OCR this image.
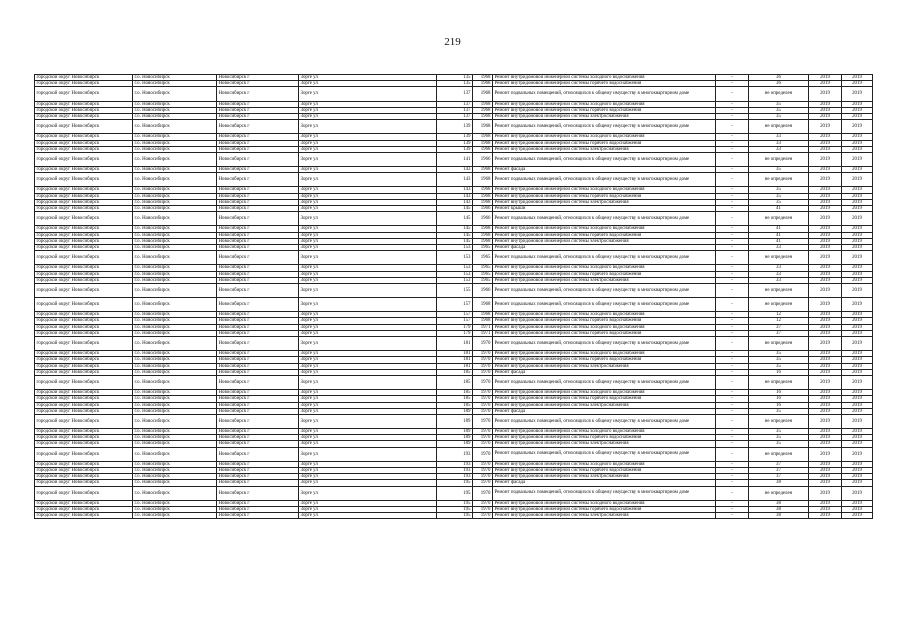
219
городской округ Новосибирск	г.о. Новосибирск	Новосибирск г	Зорге ул	135	1968	Ремонт внутридомовой инженерной системы холодного водоснабжения	-	36	2019	2019
городской округ Новосибирск	г.о. Новосибирск	Новосибирск г	Зорге ул	135	1968	Ремонт внутридомовой инженерной системы горячего водоснабжения	-	36	2019	2019
городской округ Новосибирск	г.о. Новосибирск	Новосибирск г	Зорге ул	137	1968	Ремонт подвальных помещений, относящихся к общему имуществу в многоквартирном доме	-	не определен	2019	2019
городской округ Новосибирск	г.о. Новосибирск	Новосибирск г	Зорге ул	137	1968	Ремонт внутридомовой инженерной системы холодного водоснабжения	-	35	2019	2019
городской округ Новосибирск	г.о. Новосибирск	Новосибирск г	Зорге ул	137	1968	Ремонт внутридомовой инженерной системы горячего водоснабжения	-	35	2019	2019
городской округ Новосибирск	г.о. Новосибирск	Новосибирск г	Зорге ул	137	1968	Ремонт внутридомовой инженерной системы электроснабжения	-	35	2019	2019
городской округ Новосибирск	г.о. Новосибирск	Новосибирск г	Зорге ул	139	1968	Ремонт подвальных помещений, относящихся к общему имуществу в многоквартирном доме	-	не определен	2019	2019
городской округ Новосибирск	г.о. Новосибирск	Новосибирск г	Зорге ул	139	1968	Ремонт внутридомовой инженерной системы холодного водоснабжения	-	33	2019	2019
городской округ Новосибирск	г.о. Новосибирск	Новосибирск г	Зорге ул	139	1968	Ремонт внутридомовой инженерной системы горячего водоснабжения	-	33	2019	2019
городской округ Новосибирск	г.о. Новосибирск	Новосибирск г	Зорге ул	139	1968	Ремонт внутридомовой инженерной системы электроснабжения	-	33	2019	2019
городской округ Новосибирск	г.о. Новосибирск	Новосибирск г	Зорге ул	141	1966	Ремонт подвальных помещений, относящихся к общему имуществу в многоквартирном доме	-	не определен	2019	2019
городской округ Новосибирск	г.о. Новосибирск	Новосибирск г	Зорге ул	143	1968	Ремонт фасада	-	35	2019	2019
городской округ Новосибирск	г.о. Новосибирск	Новосибирск г	Зорге ул	143	1968	Ремонт подвальных помещений, относящихся к общему имуществу в многоквартирном доме	-	не определен	2019	2019
городской округ Новосибирск	г.о. Новосибирск	Новосибирск г	Зорге ул	143	1968	Ремонт внутридомовой инженерной системы холодного водоснабжения	-	35	2019	2019
городской округ Новосибирск	г.о. Новосибирск	Новосибирск г	Зорге ул	143	1968	Ремонт внутридомовой инженерной системы горячего водоснабжения	-	35	2019	2019
городской округ Новосибирск	г.о. Новосибирск	Новосибирск г	Зорге ул	143	1968	Ремонт внутридомовой инженерной системы электроснабжения	-	35	2019	2019
городской округ Новосибирск	г.о. Новосибирск	Новосибирск г	Зорге ул	145	1966	Ремонт крыши	-	41	2019	2019
городской округ Новосибирск	г.о. Новосибирск	Новосибирск г	Зорге ул	145	1966	Ремонт подвальных помещений, относящихся к общему имуществу в многоквартирном доме	-	не определен	2019	2019
городской округ Новосибирск	г.о. Новосибирск	Новосибирск г	Зорге ул	145	1968	Ремонт внутридомовой инженерной системы холодного водоснабжения	-	41	2019	2019
городской округ Новосибирск	г.о. Новосибирск	Новосибирск г	Зорге ул	145	1968	Ремонт внутридомовой инженерной системы горячего водоснабжения	-	41	2019	2019
городской округ Новосибирск	г.о. Новосибирск	Новосибирск г	Зорге ул	145	1968	Ремонт внутридомовой инженерной системы электроснабжения	-	41	2019	2019
городской округ Новосибирск	г.о. Новосибирск	Новосибирск г	Зорге ул	153	1965	Ремонт фасада	-	33	2019	2019
городской округ Новосибирск	г.о. Новосибирск	Новосибирск г	Зорге ул	153	1965	Ремонт подвальных помещений, относящихся к общему имуществу в многоквартирном доме	-	не определен	2019	2019
городской округ Новосибирск	г.о. Новосибирск	Новосибирск г	Зорге ул	153	1965	Ремонт внутридомовой инженерной системы холодного водоснабжения	-	33	2019	2019
городской округ Новосибирск	г.о. Новосибирск	Новосибирск г	Зорге ул	153	1965	Ремонт внутридомовой инженерной системы горячего водоснабжения	-	33	2019	2019
городской округ Новосибирск	г.о. Новосибирск	Новосибирск г	Зорге ул	153	1965	Ремонт внутридомовой инженерной системы электроснабжения	-	33	2019	2019
городской округ Новосибирск	г.о. Новосибирск	Новосибирск г	Зорге ул	155	1966	Ремонт подвальных помещений, относящихся к общему имуществу в многоквартирном доме	-	не определен	2019	2019
городской округ Новосибирск	г.о. Новосибирск	Новосибирск г	Зорге ул	157	1968	Ремонт подвальных помещений, относящихся к общему имуществу в многоквартирном доме	-	не определен	2019	2019
городской округ Новосибирск	г.о. Новосибирск	Новосибирск г	Зорге ул	157	1968	Ремонт внутридомовой инженерной системы холодного водоснабжения	-	12	2019	2019
городской округ Новосибирск	г.о. Новосибирск	Новосибирск г	Зорге ул	157	1968	Ремонт внутридомовой инженерной системы горячего водоснабжения	-	12	2019	2019
городской округ Новосибирск	г.о. Новосибирск	Новосибирск г	Зорге ул	179	1971	Ремонт внутридомовой инженерной системы холодного водоснабжения	-	37	2019	2019
городской округ Новосибирск	г.о. Новосибирск	Новосибирск г	Зорге ул	179	1971	Ремонт внутридомовой инженерной системы горячего водоснабжения	-	37	2019	2019
городской округ Новосибирск	г.о. Новосибирск	Новосибирск г	Зорге ул	181	1970	Ремонт подвальных помещений, относящихся к общему имуществу в многоквартирном доме	-	не определен	2019	2019
городской округ Новосибирск	г.о. Новосибирск	Новосибирск г	Зорге ул	181	1970	Ремонт внутридомовой инженерной системы холодного водоснабжения	-	35	2019	2019
городской округ Новосибирск	г.о. Новосибирск	Новосибирск г	Зорге ул	181	1970	Ремонт внутридомовой инженерной системы горячего водоснабжения	-	35	2019	2019
городской округ Новосибирск	г.о. Новосибирск	Новосибирск г	Зорге ул	181	1970	Ремонт внутридомовой инженерной системы электроснабжения	-	35	2019	2019
городской округ Новосибирск	г.о. Новосибирск	Новосибирск г	Зорге ул	185	1970	Ремонт фасада	-	16	2019	2019
городской округ Новосибирск	г.о. Новосибирск	Новосибирск г	Зорге ул	185	1970	Ремонт подвальных помещений, относящихся к общему имуществу в многоквартирном доме	-	не определен	2019	2019
городской округ Новосибирск	г.о. Новосибирск	Новосибирск г	Зорге ул	185	1970	Ремонт внутридомовой инженерной системы холодного водоснабжения	-	16	2019	2019
городской округ Новосибирск	г.о. Новосибирск	Новосибирск г	Зорге ул	185	1970	Ремонт внутридомовой инженерной системы горячего водоснабжения	-	16	2019	2019
городской округ Новосибирск	г.о. Новосибирск	Новосибирск г	Зорге ул	185	1970	Ремонт внутридомовой инженерной системы электроснабжения	-	16	2019	2019
городской округ Новосибирск	г.о. Новосибирск	Новосибирск г	Зорге ул	189	1970	Ремонт фасада	-	35	2019	2019
городской округ Новосибирск	г.о. Новосибирск	Новосибирск г	Зорге ул	189	1970	Ремонт подвальных помещений, относящихся к общему имуществу в многоквартирном доме	-	не определен	2019	2019
городской округ Новосибирск	г.о. Новосибирск	Новосибирск г	Зорге ул	189	1970	Ремонт внутридомовой инженерной системы холодного водоснабжения	-	35	2019	2019
городской округ Новосибирск	г.о. Новосибирск	Новосибирск г	Зорге ул	189	1970	Ремонт внутридомовой инженерной системы горячего водоснабжения	-	35	2019	2019
городской округ Новосибирск	г.о. Новосибирск	Новосибирск г	Зорге ул	189	1970	Ремонт внутридомовой инженерной системы электроснабжения	-	35	2019	2019
городской округ Новосибирск	г.о. Новосибирск	Новосибирск г	Зорге ул	193	1970	Ремонт подвальных помещений, относящихся к общему имуществу в многоквартирном доме	-	не определен	2019	2019
городской округ Новосибирск	г.о. Новосибирск	Новосибирск г	Зорге ул	193	1970	Ремонт внутридомовой инженерной системы холодного водоснабжения	-	37	2019	2019
городской округ Новосибирск	г.о. Новосибирск	Новосибирск г	Зорге ул	193	1970	Ремонт внутридомовой инженерной системы горячего водоснабжения	-	37	2019	2019
городской округ Новосибирск	г.о. Новосибирск	Новосибирск г	Зорге ул	193	1970	Ремонт внутридомовой инженерной системы электроснабжения	-	37	2019	2019
городской округ Новосибирск	г.о. Новосибирск	Новосибирск г	Зорге ул	195	1970	Ремонт фасада	-	38	2019	2019
городской округ Новосибирск	г.о. Новосибирск	Новосибирск г	Зорге ул	195	1970	Ремонт подвальных помещений, относящихся к общему имуществу в многоквартирном доме	-	не определен	2019	2019
городской округ Новосибирск	г.о. Новосибирск	Новосибирск г	Зорге ул	195	1970	Ремонт внутридомовой инженерной системы холодного водоснабжения	-	38	2019	2019
городской округ Новосибирск	г.о. Новосибирск	Новосибирск г	Зорге ул	195	1970	Ремонт внутридомовой инженерной системы горячего водоснабжения	-	38	2019	2019
городской округ Новосибирск	г.о. Новосибирск	Новосибирск г	Зорге ул	195	1970	Ремонт внутридомовой инженерной системы электроснабжения	-	38	2019	2019
